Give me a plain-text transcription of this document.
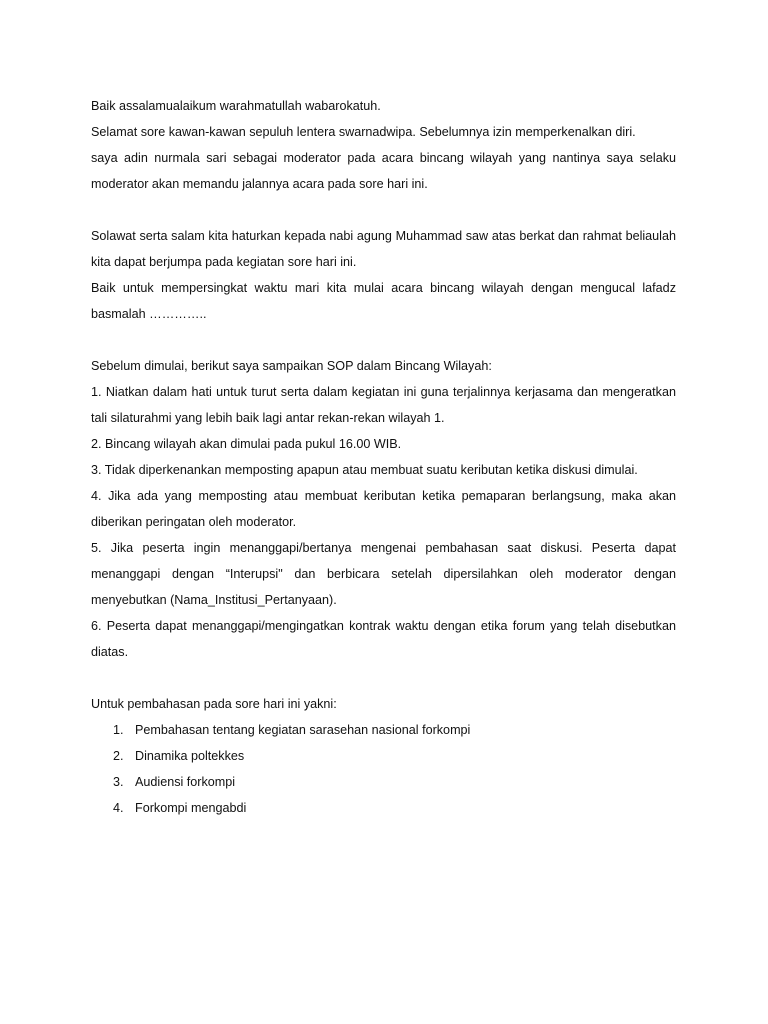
Baik assalamualaikum warahmatullah wabarokatuh.

Selamat sore kawan-kawan sepuluh lentera swarnadwipa. Sebelumnya izin memperkenalkan diri.

saya adin nurmala sari sebagai moderator pada acara bincang wilayah yang nantinya saya selaku moderator akan memandu jalannya acara pada sore hari ini.

Solawat serta salam kita haturkan kepada nabi agung Muhammad saw atas berkat dan rahmat beliaulah kita dapat berjumpa pada kegiatan sore hari ini.

Baik untuk mempersingkat waktu mari kita mulai acara bincang wilayah dengan mengucal lafadz basmalah …………..

Sebelum dimulai, berikut saya sampaikan SOP dalam Bincang Wilayah:

1. Niatkan dalam hati untuk turut serta dalam kegiatan ini guna terjalinnya kerjasama dan mengeratkan tali silaturahmi yang lebih baik lagi antar rekan-rekan wilayah 1.

2. Bincang wilayah akan dimulai pada pukul 16.00 WIB.

3. Tidak diperkenankan memposting apapun atau membuat suatu keributan ketika diskusi dimulai.

4. Jika ada yang memposting atau membuat keributan ketika pemaparan berlangsung, maka akan diberikan peringatan oleh moderator.

5. Jika peserta ingin menanggapi/bertanya mengenai pembahasan saat diskusi. Peserta dapat menanggapi dengan “Interupsi" dan berbicara setelah dipersilahkan oleh moderator dengan menyebutkan (Nama_Institusi_Pertanyaan).

6. Peserta dapat menanggapi/mengingatkan kontrak waktu dengan etika forum yang telah disebutkan diatas.

Untuk pembahasan pada sore hari ini yakni:

1. Pembahasan tentang kegiatan sarasehan nasional forkompi
2. Dinamika poltekkes
3. Audiensi forkompi
4. Forkompi mengabdi
